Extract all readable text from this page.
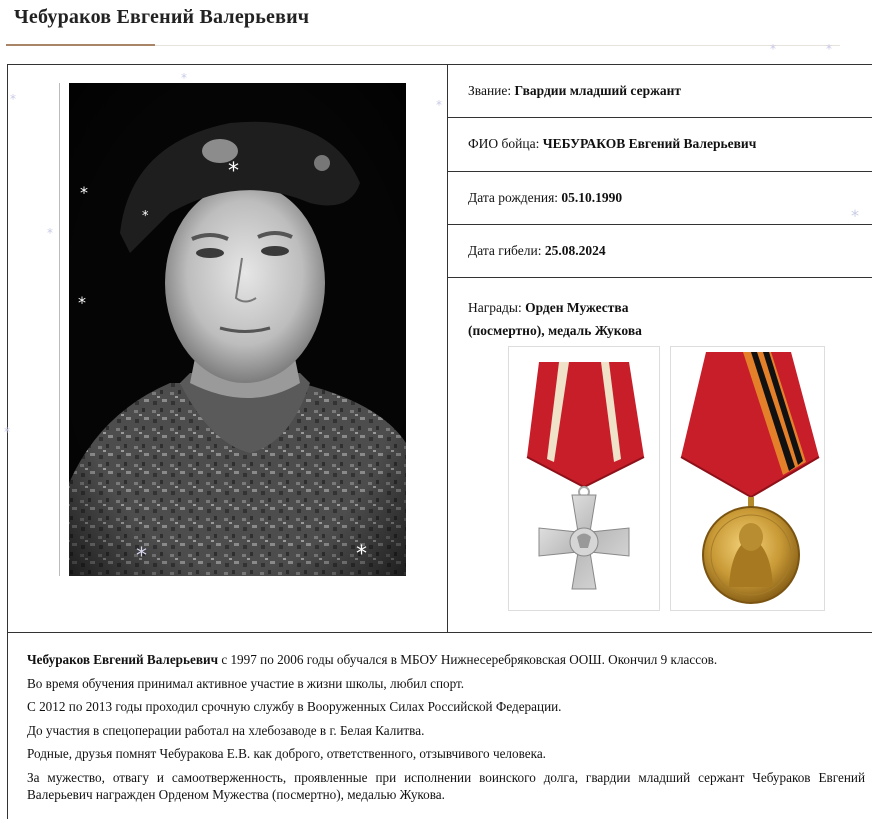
Чебураков Евгений Валерьевич
*
*
*
*
*	*
Звание: Гвардии младший сержант
ФИО бойца: ЧЕБУРАКОВ Евгений Валерьевич
Дата рождения: 05.10.1990
Дата гибели: 25.08.2024
Награды: Орден Мужества
(посмертно), медаль Жукова

Чебураков Евгений Валерьевич с 1997 по 2006 годы обучался в МБОУ Нижнесеребряковская ООШ. Окончил 9 классов.

Во время обучения принимал активное участие в жизни школы, любил спорт.

С 2012 по 2013 годы проходил срочную службу в Вооруженных Силах Российской Федерации.

До участия в спецоперации работал на хлебозаводе в г. Белая Калитва.

Родные, друзья помнят Чебуракова Е.В. как доброго, ответственного, отзывчивого человека.

За мужество, отвагу и самоотверженность, проявленные при исполнении воинского долга, гвардии младший сержант Чебураков Евгений Валерьевич награжден Орденом Мужества (посмертно), медалью Жукова.

*
*
*
*
*
*
*	*
